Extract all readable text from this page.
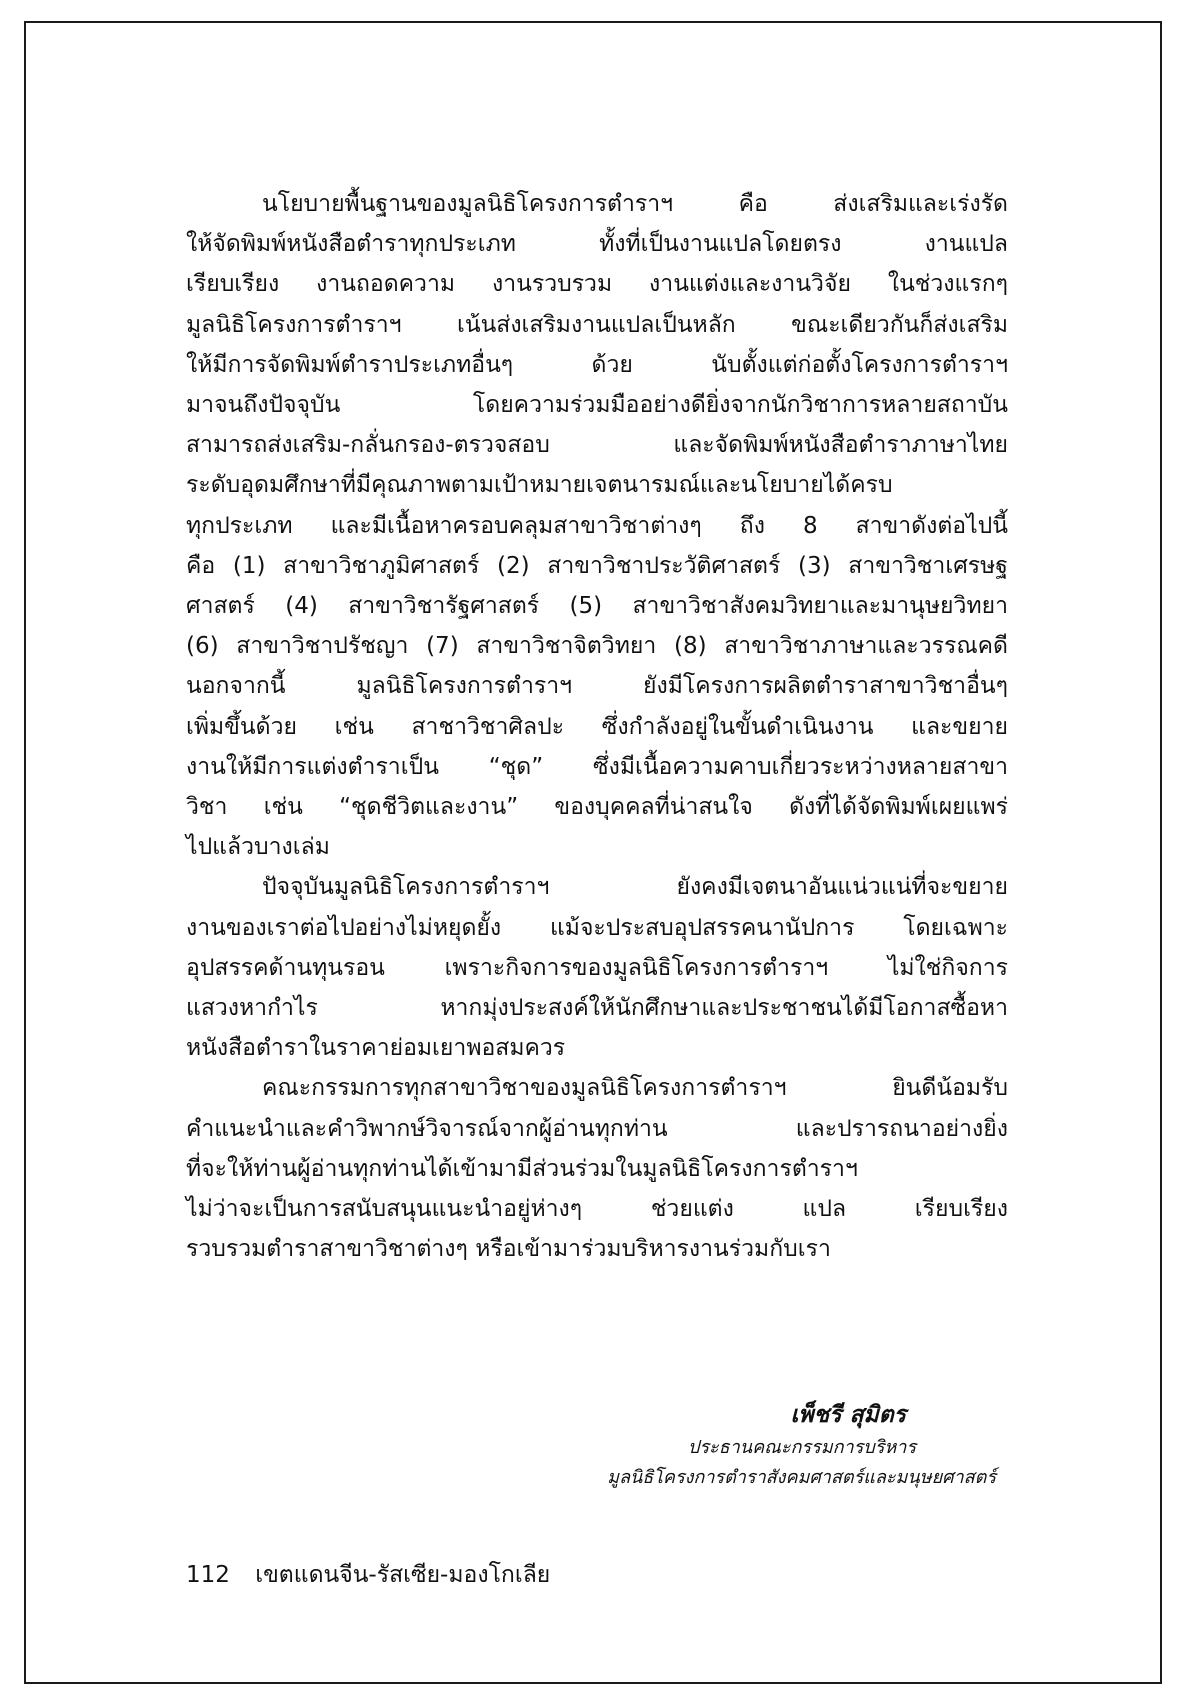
นโยบายพื้นฐานของมูลนิธิโครงการตำราฯ คือ ส่งเสริมและเร่งรัด
ให้จัดพิมพ์หนังสือตำราทุกประเภท ทั้งที่เป็นงานแปลโดยตรง งานแปล
เรียบเรียง งานถอดความ งานรวบรวม งานแต่งและงานวิจัย ในช่วงแรกๆ
มูลนิธิโครงการตำราฯ เน้นส่งเสริมงานแปลเป็นหลัก ขณะเดียวกันก็ส่งเสริม
ให้มีการจัดพิมพ์ตำราประเภทอื่นๆ ด้วย นับตั้งแต่ก่อตั้งโครงการตำราฯ
มาจนถึงปัจจุบัน โดยความร่วมมืออย่างดียิ่งจากนักวิชาการหลายสถาบัน
สามารถส่งเสริม-กลั่นกรอง-ตรวจสอบ และจัดพิมพ์หนังสือตำราภาษาไทย
ระดับอุดมศึกษาที่มีคุณภาพตามเป้าหมายเจตนารมณ์และนโยบายได้ครบ
ทุกประเภท และมีเนื้อหาครอบคลุมสาขาวิชาต่างๆ ถึง 8 สาขาดังต่อไปนี้
คือ (1) สาขาวิชาภูมิศาสตร์ (2) สาขาวิชาประวัติศาสตร์ (3) สาขาวิชาเศรษฐ
ศาสตร์ (4) สาขาวิชารัฐศาสตร์ (5) สาขาวิชาสังคมวิทยาและมานุษยวิทยา
(6) สาขาวิชาปรัชญา (7) สาขาวิชาจิตวิทยา (8) สาขาวิชาภาษาและวรรณคดี
นอกจากนี้ มูลนิธิโครงการตำราฯ ยังมีโครงการผลิตตำราสาขาวิชาอื่นๆ
เพิ่มขึ้นด้วย เช่น สาชาวิชาศิลปะ ซึ่งกำลังอยู่ในขั้นดำเนินงาน และขยาย
งานให้มีการแต่งตำราเป็น “ชุด” ซึ่งมีเนื้อความคาบเกี่ยวระหว่างหลายสาขา
วิชา เช่น “ชุดชีวิตและงาน” ของบุคคลที่น่าสนใจ ดังที่ได้จัดพิมพ์เผยแพร่
ไปแล้วบางเล่ม

ปัจจุบันมูลนิธิโครงการตำราฯ ยังคงมีเจตนาอันแน่วแน่ที่จะขยาย
งานของเราต่อไปอย่างไม่หยุดยั้ง แม้จะประสบอุปสรรคนานัปการ โดยเฉพาะ
อุปสรรคด้านทุนรอน เพราะกิจการของมูลนิธิโครงการตำราฯ ไม่ใช่กิจการ
แสวงหากำไร หากมุ่งประสงค์ให้นักศึกษาและประชาชนได้มีโอกาสซื้อหา
หนังสือตำราในราคาย่อมเยาพอสมควร

คณะกรรมการทุกสาขาวิชาของมูลนิธิโครงการตำราฯ ยินดีน้อมรับ
คำแนะนำและคำวิพากษ์วิจารณ์จากผู้อ่านทุกท่าน และปรารถนาอย่างยิ่ง
ที่จะให้ท่านผู้อ่านทุกท่านได้เข้ามามีส่วนร่วมในมูลนิธิโครงการตำราฯ
ไม่ว่าจะเป็นการสนับสนุนแนะนำอยู่ห่างๆ ช่วยแต่ง แปล เรียบเรียง
รวบรวมตำราสาขาวิชาต่างๆ หรือเข้ามาร่วมบริหารงานร่วมกับเรา

เพ็ชรี สุมิตร
ประธานคณะกรรมการบริหาร
มูลนิธิโครงการตำราสังคมศาสตร์และมนุษยศาสตร์
112 เขตแดนจีน-รัสเซีย-มองโกเลีย
